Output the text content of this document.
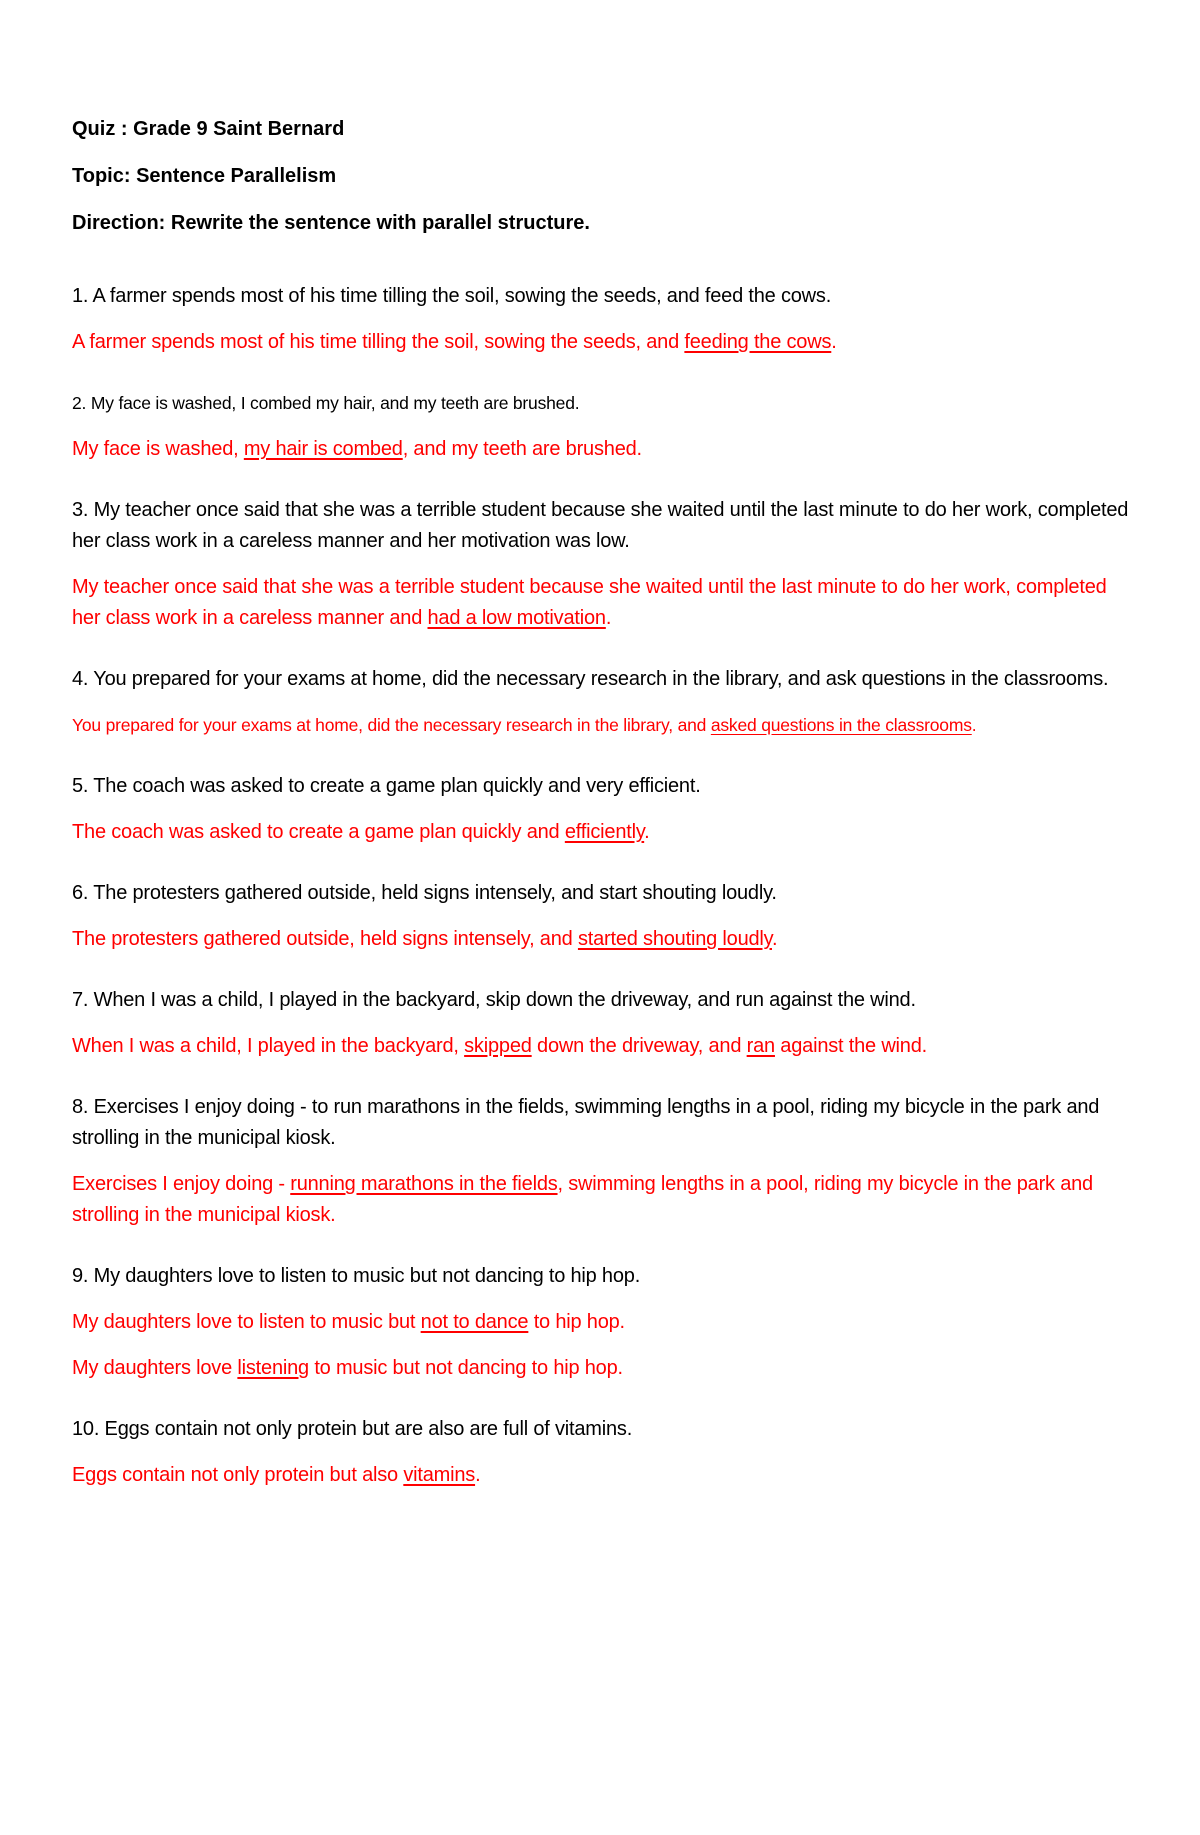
Quiz : Grade 9 Saint Bernard
Topic: Sentence Parallelism
Direction: Rewrite the sentence with parallel structure.
1. A farmer spends most of his time tilling the soil, sowing the seeds, and feed the cows.
A farmer spends most of his time tilling the soil, sowing the seeds, and feeding the cows.
2. My face is washed, I combed my hair, and my teeth are brushed.
My face is washed, my hair is combed, and my teeth are brushed.
3. My teacher once said that she was a terrible student because she waited until the last minute to do her work, completed her class work in a careless manner and her motivation was low.
My teacher once said that she was a terrible student because she waited until the last minute to do her work, completed her class work in a careless manner and had a low motivation.
4. You prepared for your exams at home, did the necessary research in the library, and ask questions in the classrooms.
You prepared for your exams at home, did the necessary research in the library, and asked questions in the classrooms.
5. The coach was asked to create a game plan quickly and very efficient.
The coach was asked to create a game plan quickly and efficiently.
6. The protesters gathered outside, held signs intensely, and start shouting loudly.
The protesters gathered outside, held signs intensely, and started shouting loudly.
7. When I was a child, I played in the backyard, skip down the driveway, and run against the wind.
When I was a child, I played in the backyard, skipped down the driveway, and ran against the wind.
8. Exercises I enjoy doing - to run marathons in the fields, swimming lengths in a pool, riding my bicycle in the park and strolling in the municipal kiosk.
Exercises I enjoy doing - running marathons in the fields, swimming lengths in a pool, riding my bicycle in the park and strolling in the municipal kiosk.
9. My daughters love to listen to music but not dancing to hip hop.
My daughters love to listen to music but not to dance to hip hop.
My daughters love listening to music but not dancing to hip hop.
10. Eggs contain not only protein but are also are full of vitamins.
Eggs contain not only protein but also vitamins.
